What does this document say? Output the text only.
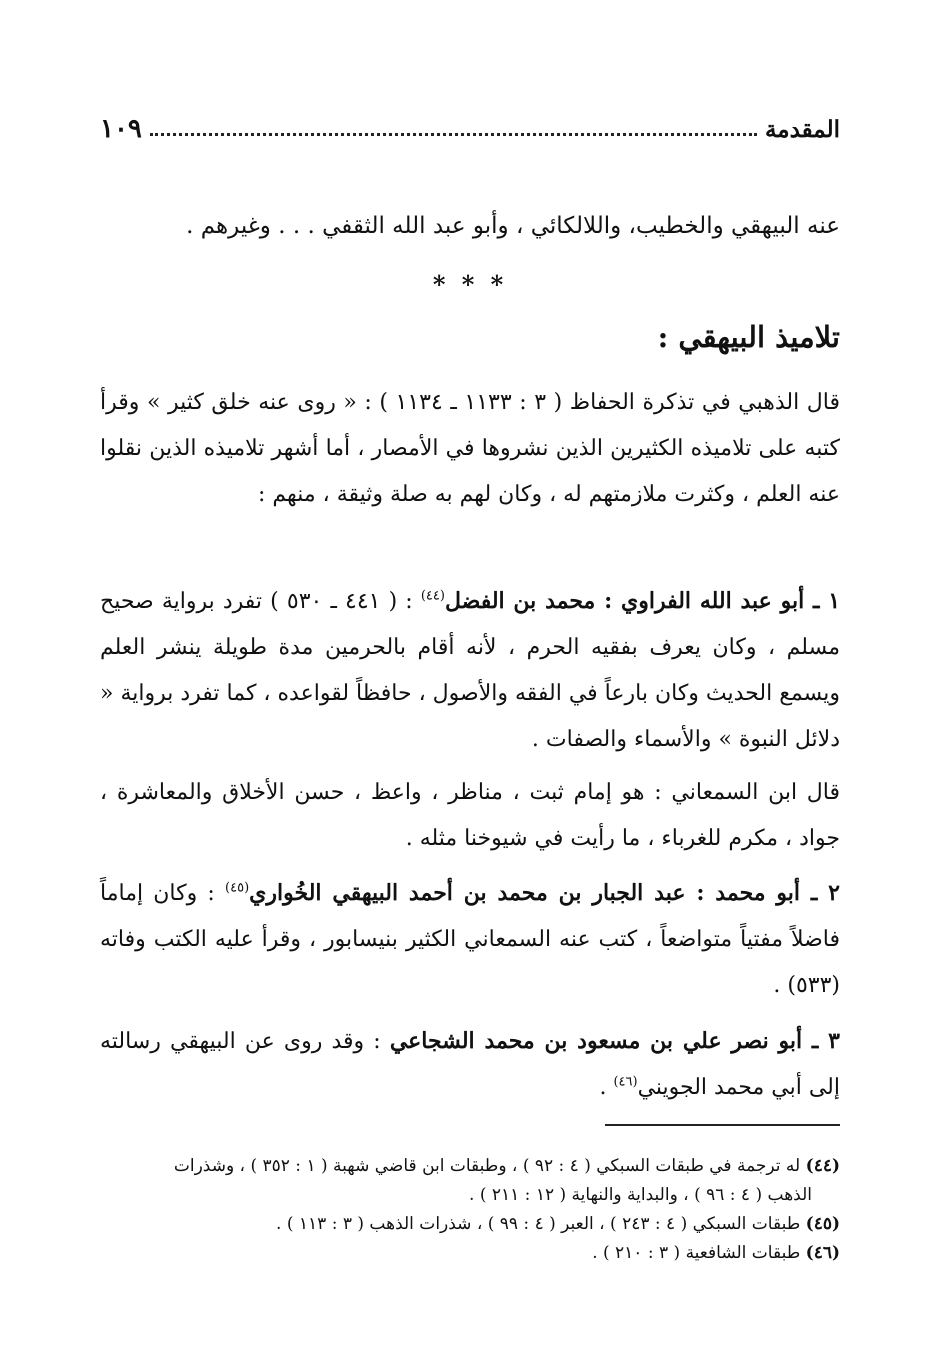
المقدمة
١٠٩
عنه البيهقي والخطيب، واللالكائي ، وأبو عبد الله الثقفي . . . وغيرهم .
* * *
تلاميذ البيهقي :
قال الذهبي في تذكرة الحفاظ ( ٣ : ١١٣٣ ـ ١١٣٤ ) : « روى عنه خلق كثير » وقرأ كتبه على تلاميذه الكثيرين الذين نشروها في الأمصار ، أما أشهر تلاميذه الذين نقلوا عنه العلم ، وكثرت ملازمتهم له ، وكان لهم به صلة وثيقة ، منهم :
١ ـ أبو عبد الله الفراوي : محمد بن الفضل$^{(٤٤)}$ : ( ٤٤١ ـ ٥٣٠ ) تفرد برواية صحيح مسلم ، وكان يعرف بفقيه الحرم ، لأنه أقام بالحرمين مدة طويلة ينشر العلم ويسمع الحديث وكان بارعاً في الفقه والأصول ، حافظاً لقواعده ، كما تفرد برواية « دلائل النبوة » والأسماء والصفات .
قال ابن السمعاني : هو إمام ثبت ، مناظر ، واعظ ، حسن الأخلاق والمعاشرة ، جواد ، مكرم للغرباء ، ما رأيت في شيوخنا مثله .
٢ ـ أبو محمد : عبد الجبار بن محمد بن أحمد البيهقي الخُواري$^{(٤٥)}$ : وكان إماماً فاضلاً مفتياً متواضعاً ، كتب عنه السمعاني الكثير بنيسابور ، وقرأ عليه الكتب وفاته (٥٣٣) .
٣ ـ أبو نصر علي بن مسعود بن محمد الشجاعي : وقد روى عن البيهقي رسالته إلى أبي محمد الجويني$^{(٤٦)}$ .
(٤٤) له ترجمة في طبقات السبكي ( ٤ : ٩٢ ) ، وطبقات ابن قاضي شهبة ( ١ : ٣٥٢ ) ، وشذرات
الذهب ( ٤ : ٩٦ ) ، والبداية والنهاية ( ١٢ : ٢١١ ) .
(٤٥) طبقات السبكي ( ٤ : ٢٤٣ ) ، العبر ( ٤ : ٩٩ ) ، شذرات الذهب ( ٣ : ١١٣ ) .
(٤٦) طبقات الشافعية ( ٣ : ٢١٠ ) .
